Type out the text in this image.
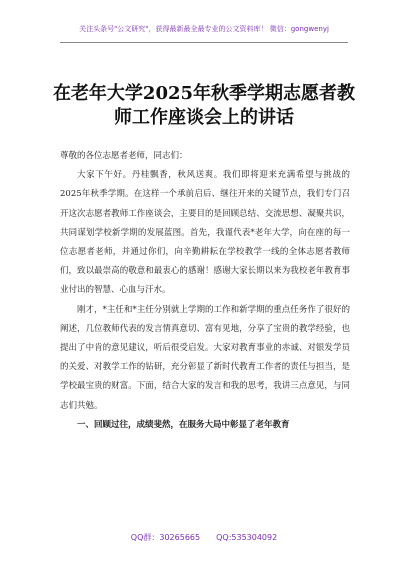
关注头条号"公文研究"，获得最新最全最专业的公文资料库！ 微信：gongwenyj
在老年大学2025年秋季学期志愿者教
师工作座谈会上的讲话

尊敬的各位志愿者老师，同志们：

大家下午好。丹桂飘香，秋风送爽。我们即将迎来充满希望与挑战的2025年秋季学期。在这样一个承前启后、继往开来的关键节点，我们专门召开这次志愿者教师工作座谈会，主要目的是回顾总结、交流思想、凝聚共识，共同谋划学校新学期的发展蓝图。首先，我谨代表*老年大学，向在座的每一位志愿者老师，并通过你们，向辛勤耕耘在学校教学一线的全体志愿者教师们，致以最崇高的敬意和最衷心的感谢！感谢大家长期以来为我校老年教育事业付出的智慧、心血与汗水。

刚才，*主任和*主任分别就上学期的工作和新学期的重点任务作了很好的阐述，几位教师代表的发言情真意切、富有见地，分享了宝贵的教学经验，也提出了中肯的意见建议，听后很受启发。大家对教育事业的赤诚、对银发学员的关爱、对教学工作的钻研，充分彰显了新时代教育工作者的责任与担当，是学校最宝贵的财富。下面，结合大家的发言和我的思考，我讲三点意见，与同志们共勉。

一、回顾过往，成绩斐然，在服务大局中彰显了老年教育

QQ群：30265665 QQ:535304092
